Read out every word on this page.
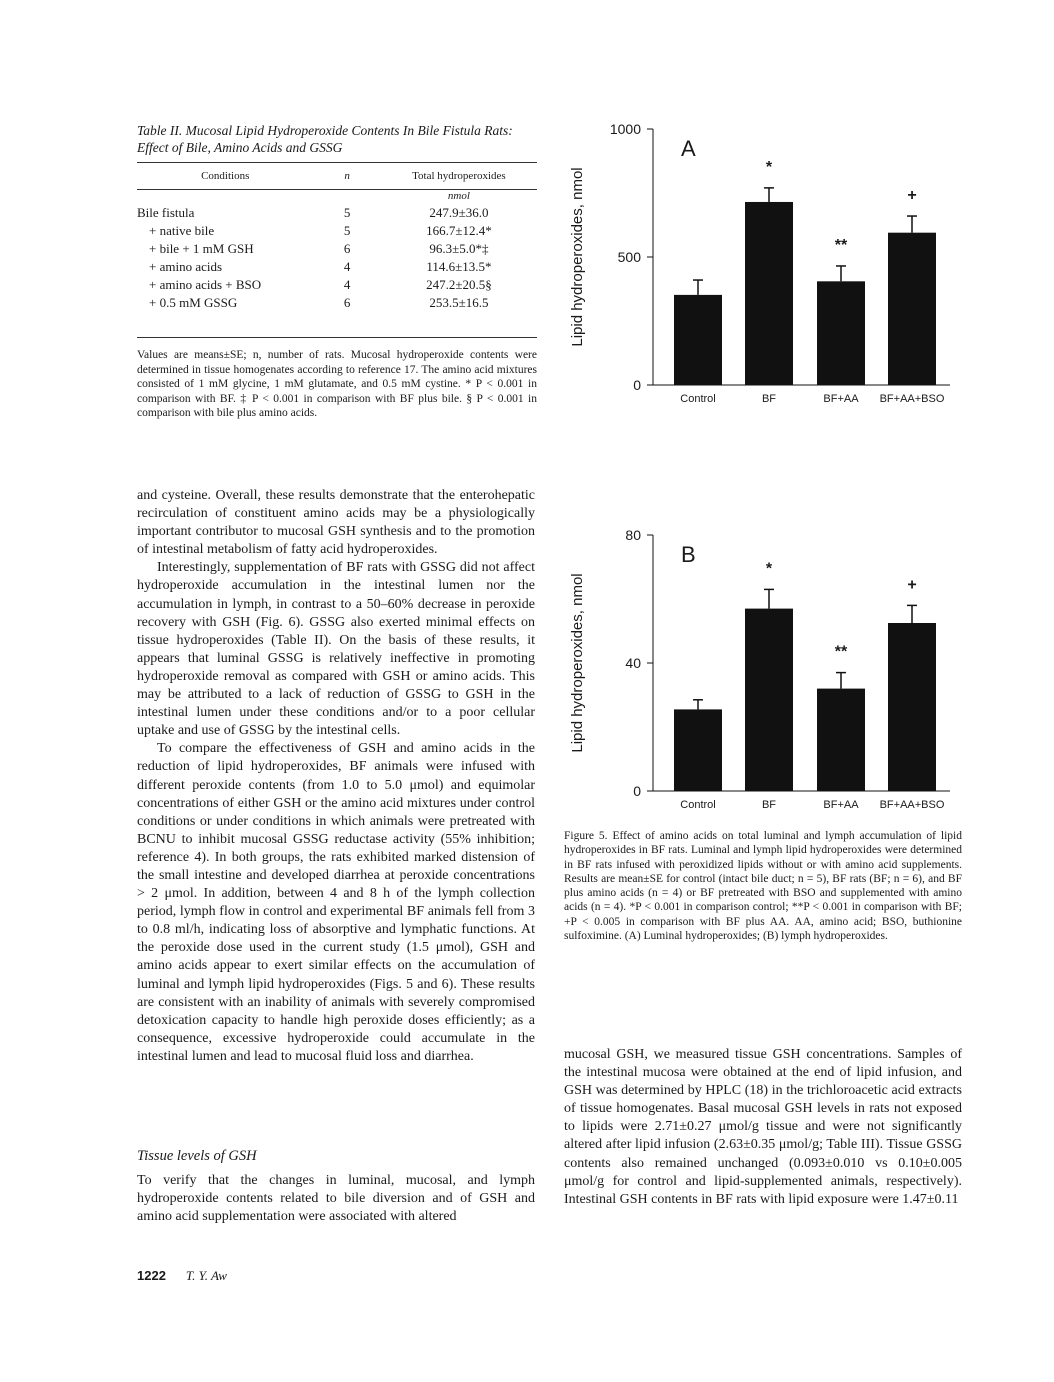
Table II. Mucosal Lipid Hydroperoxide Contents In Bile Fistula Rats: Effect of Bile, Amino Acids and GSSG
Conditions	n	Total hydroperoxides
		nmol
Bile fistula	5	247.9±36.0
+ native bile	5	166.7±12.4*
+ bile + 1 mM GSH	6	96.3±5.0*‡
+ amino acids	4	114.6±13.5*
+ amino acids + BSO	4	247.2±20.5§
+ 0.5 mM GSSG	6	253.5±16.5
Values are means±SE; n, number of rats. Mucosal hydroperoxide contents were determined in tissue homogenates according to reference 17. The amino acid mixtures consisted of 1 mM glycine, 1 mM glutamate, and 0.5 mM cystine. * P < 0.001 in comparison with BF. ‡ P < 0.001 in comparison with BF plus bile. § P < 0.001 in comparison with bile plus amino acids.

and cysteine. Overall, these results demonstrate that the enterohepatic recirculation of constituent amino acids may be a physiologically important contributor to mucosal GSH synthesis and to the promotion of intestinal metabolism of fatty acid hydroperoxides.

Interestingly, supplementation of BF rats with GSSG did not affect hydroperoxide accumulation in the intestinal lumen nor the accumulation in lymph, in contrast to a 50–60% decrease in peroxide recovery with GSH (Fig. 6). GSSG also exerted minimal effects on tissue hydroperoxides (Table II). On the basis of these results, it appears that luminal GSSG is relatively ineffective in promoting hydroperoxide removal as compared with GSH or amino acids. This may be attributed to a lack of reduction of GSSG to GSH in the intestinal lumen under these conditions and/or to a poor cellular uptake and use of GSSG by the intestinal cells.

To compare the effectiveness of GSH and amino acids in the reduction of lipid hydroperoxides, BF animals were infused with different peroxide contents (from 1.0 to 5.0 μmol) and equimolar concentrations of either GSH or the amino acid mixtures under control conditions or under conditions in which animals were pretreated with BCNU to inhibit mucosal GSSG reductase activity (55% inhibition; reference 4). In both groups, the rats exhibited marked distension of the small intestine and developed diarrhea at peroxide concentrations > 2 μmol. In addition, between 4 and 8 h of the lymph collection period, lymph flow in control and experimental BF animals fell from 3 to 0.8 ml/h, indicating loss of absorptive and lymphatic functions. At the peroxide dose used in the current study (1.5 μmol), GSH and amino acids appear to exert similar effects on the accumulation of luminal and lymph lipid hydroperoxides (Figs. 5 and 6). These results are consistent with an inability of animals with severely compromised detoxication capacity to handle high peroxide doses efficiently; as a consequence, excessive hydroperoxide could accumulate in the intestinal lumen and lead to mucosal fluid loss and diarrhea.

Tissue levels of GSH

To verify that the changes in luminal, mucosal, and lymph hydroperoxide contents related to bile diversion and of GSH and amino acid supplementation were associated with altered

0
500
1000
Lipid hydroperoxides, nmol
A
Control
*
BF
**
BF+AA
+
BF+AA+BSO
0
40
80
Lipid hydroperoxides, nmol
B
Control
*
BF
**
BF+AA
+
BF+AA+BSO
Figure 5. Effect of amino acids on total luminal and lymph accumulation of lipid hydroperoxides in BF rats. Luminal and lymph lipid hydroperoxides were determined in BF rats infused with peroxidized lipids without or with amino acid supplements. Results are mean±SE for control (intact bile duct; n = 5), BF rats (BF; n = 6), and BF plus amino acids (n = 4) or BF pretreated with BSO and supplemented with amino acids (n = 4). *P < 0.001 in comparison control; **P < 0.001 in comparison with BF; +P < 0.005 in comparison with BF plus AA. AA, amino acid; BSO, buthionine sulfoximine. (A) Luminal hydroperoxides; (B) lymph hydroperoxides.

mucosal GSH, we measured tissue GSH concentrations. Samples of the intestinal mucosa were obtained at the end of lipid infusion, and GSH was determined by HPLC (18) in the trichloroacetic acid extracts of tissue homogenates. Basal mucosal GSH levels in rats not exposed to lipids were 2.71±0.27 μmol/g tissue and were not significantly altered after lipid infusion (2.63±0.35 μmol/g; Table III). Tissue GSSG contents also remained unchanged (0.093±0.010 vs 0.10±0.005 μmol/g for control and lipid-supplemented animals, respectively). Intestinal GSH contents in BF rats with lipid exposure were 1.47±0.11

1222 T. Y. Aw
